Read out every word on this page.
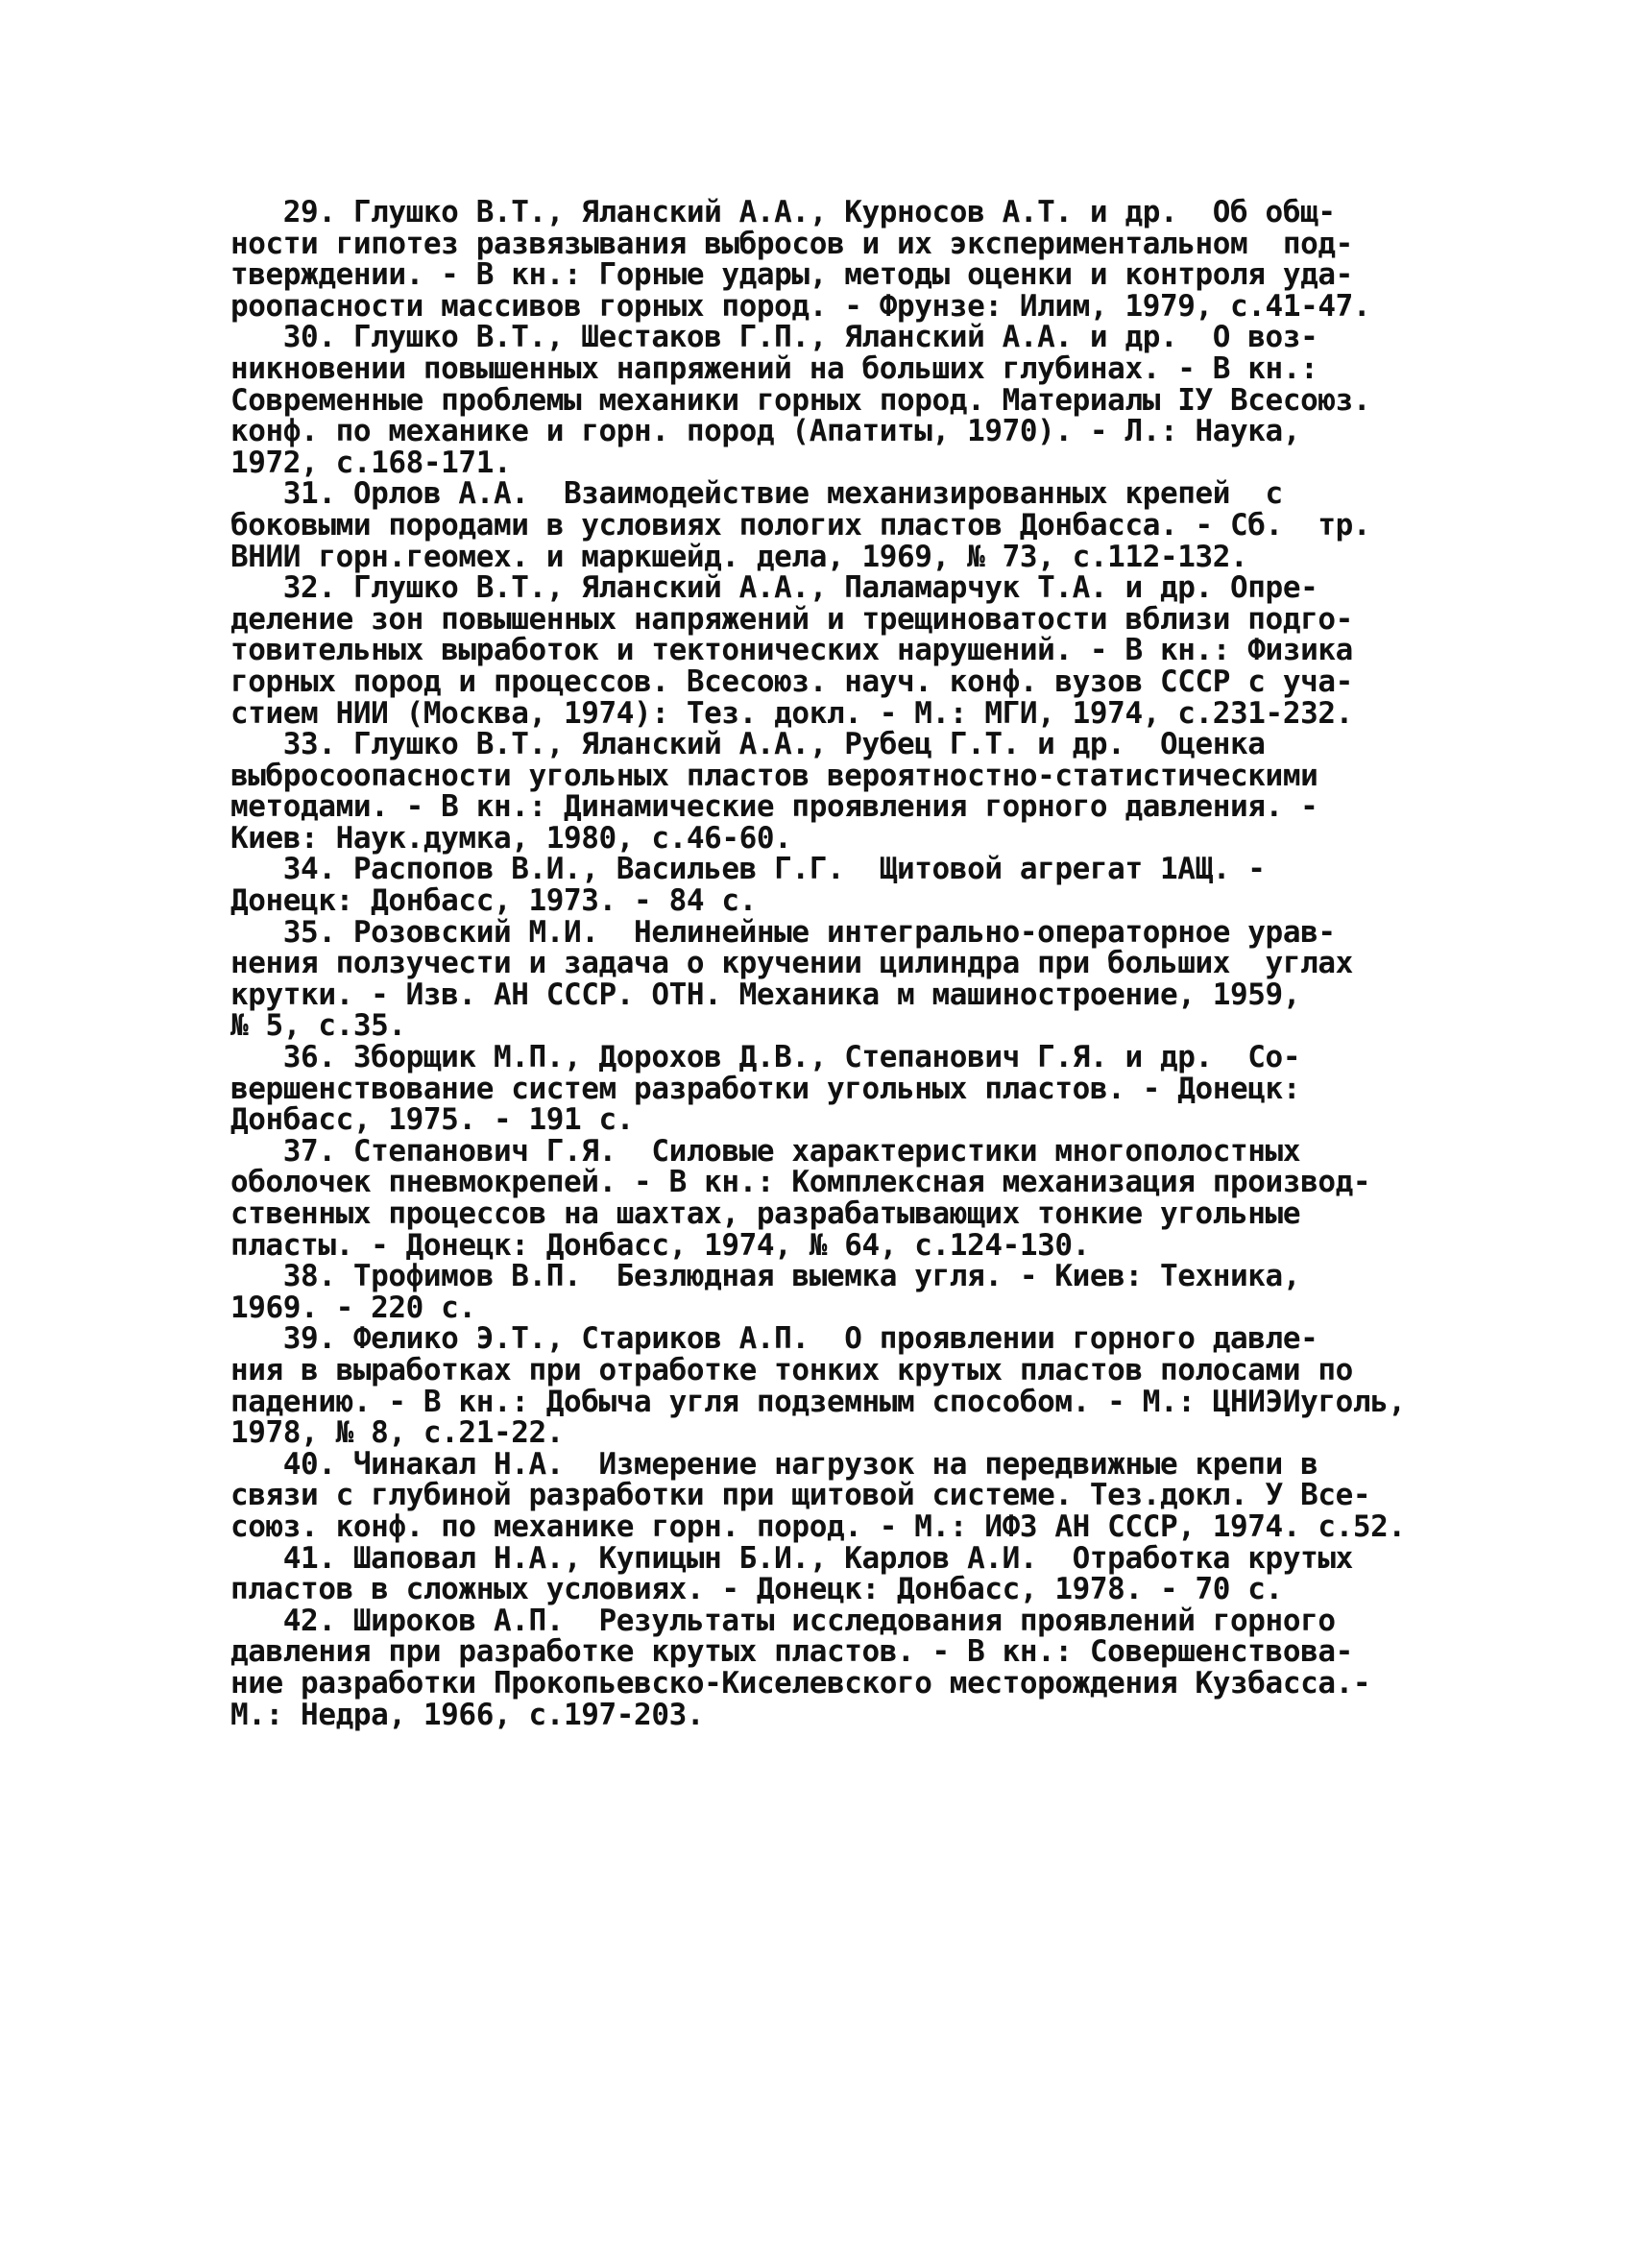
29. Глушко В.Т., Яланский А.А., Курносов А.Т. и др.  Об общ-
ности гипотез развязывания выбросов и их экспериментальном  под-
тверждении. - В кн.: Горные удары, методы оценки и контроля уда-
роопасности массивов горных пород. - Фрунзе: Илим, 1979, с.41-47.
30. Глушко В.Т., Шестаков Г.П., Яланский А.А. и др.  О воз-
никновении повышенных напряжений на больших глубинах. - В кн.:
Современные проблемы механики горных пород. Материалы IУ Всесоюз.
конф. по механике и горн. пород (Апатиты, 1970). - Л.: Наука,
1972, с.168-171.
31. Орлов А.А.  Взаимодействие механизированных крепей  с
боковыми породами в условиях пологих пластов Донбасса. - Сб.  тр.
ВНИИ горн.геомех. и маркшейд. дела, 1969, № 73, с.112-132.
32. Глушко В.Т., Яланский А.А., Паламарчук Т.А. и др. Опре-
деление зон повышенных напряжений и трещиноватости вблизи подго-
товительных выработок и тектонических нарушений. - В кн.: Физика
горных пород и процессов. Всесоюз. науч. конф. вузов СССР с уча-
стием НИИ (Москва, 1974): Тез. докл. - М.: МГИ, 1974, с.231-232.
33. Глушко В.Т., Яланский А.А., Рубец Г.Т. и др.  Оценка
выбросоопасности угольных пластов вероятностно-статистическими
методами. - В кн.: Динамические проявления горного давления. -
Киев: Наук.думка, 1980, с.46-60.
34. Распопов В.И., Васильев Г.Г.  Щитовой агрегат 1АЩ. -
Донецк: Донбасс, 1973. - 84 с.
35. Розовский М.И.  Нелинейные интегрально-операторное урав-
нения ползучести и задача о кручении цилиндра при больших  углах
крутки. - Изв. АН СССР. ОТН. Механика м машиностроение, 1959,
№ 5, с.35.
36. Зборщик М.П., Дорохов Д.В., Степанович Г.Я. и др.  Со-
вершенствование систем разработки угольных пластов. - Донецк:
Донбасс, 1975. - 191 с.
37. Степанович Г.Я.  Силовые характеристики многополостных
оболочек пневмокрепей. - В кн.: Комплексная механизация производ-
ственных процессов на шахтах, разрабатывающих тонкие угольные
пласты. - Донецк: Донбасс, 1974, № 64, с.124-130.
38. Трофимов В.П.  Безлюдная выемка угля. - Киев: Техника,
1969. - 220 с.
39. Фелико Э.Т., Стариков А.П.  О проявлении горного давле-
ния в выработках при отработке тонких крутых пластов полосами по
падению. - В кн.: Добыча угля подземным способом. - М.: ЦНИЭИуголь,
1978, № 8, с.21-22.
40. Чинакал Н.А.  Измерение нагрузок на передвижные крепи в
связи с глубиной разработки при щитовой системе. Тез.докл. У Все-
союз. конф. по механике горн. пород. - М.: ИФЗ АН СССР, 1974. с.52.
41. Шаповал Н.А., Купицын Б.И., Карлов А.И.  Отработка крутых
пластов в сложных условиях. - Донецк: Донбасс, 1978. - 70 с.
42. Широков А.П.  Результаты исследования проявлений горного
давления при разработке крутых пластов. - В кн.: Совершенствова-
ние разработки Прокопьевско-Киселевского месторождения Кузбасса.-
М.: Недра, 1966, с.197-203.
